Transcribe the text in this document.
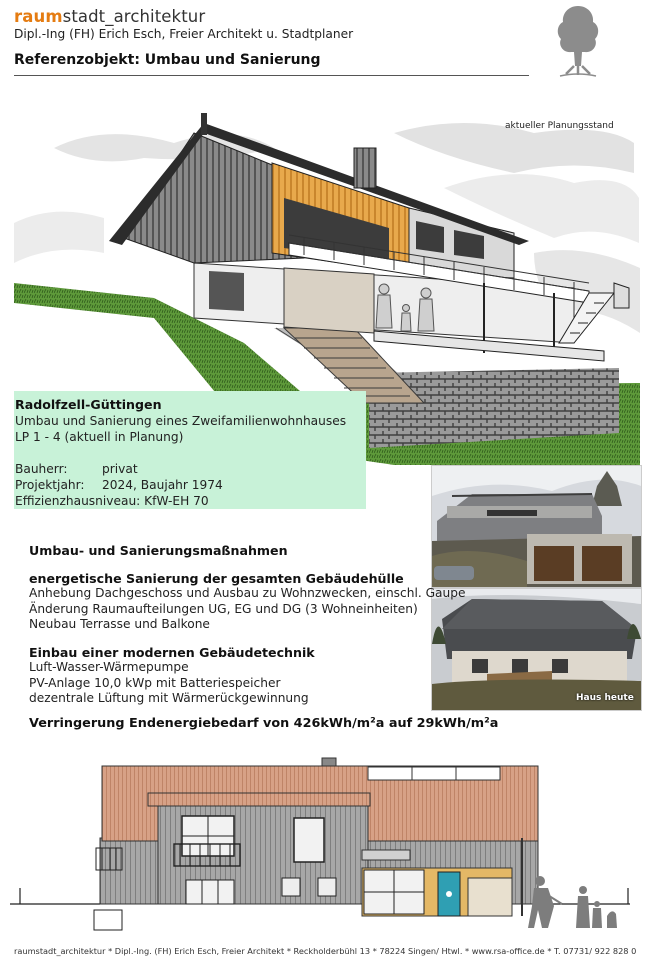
raumstadt_architektur
Dipl.-Ing (FH) Erich Esch, Freier Architekt u. Stadtplaner
Referenzobjekt: Umbau und Sanierung
aktueller Planungsstand
Radolfzell-Güttingen
Umbau und Sanierung eines Zweifamilienwohnhauses
LP 1 - 4 (aktuell in Planung)
Bauherr:	privat
Projektjahr:	2024, Baujahr 1974
Effizienzhausniveau:
KfW-EH 70
Haus heute
Umbau- und Sanierungsmaßnahmen
energetische Sanierung der gesamten Gebäudehülle
Anhebung Dachgeschoss und Ausbau zu Wohnzwecken, einschl. Gaupe
Änderung Raumaufteilungen UG, EG und DG (3 Wohneinheiten)
Neubau Terrasse und Balkone
Einbau einer modernen Gebäudetechnik
Luft-Wasser-Wärmepumpe
PV-Anlage 10,0 kWp mit Batteriespeicher
dezentrale Lüftung mit Wärmerückgewinnung
Verringerung Endenergiebedarf von 426kWh/m²a auf 29kWh/m²a
raumstadt_architektur * Dipl.-Ing. (FH) Erich Esch, Freier Architekt * Reckholderbühl 13 * 78224 Singen/ Htwl. * www.rsa-office.de * T. 07731/ 922 828 0
